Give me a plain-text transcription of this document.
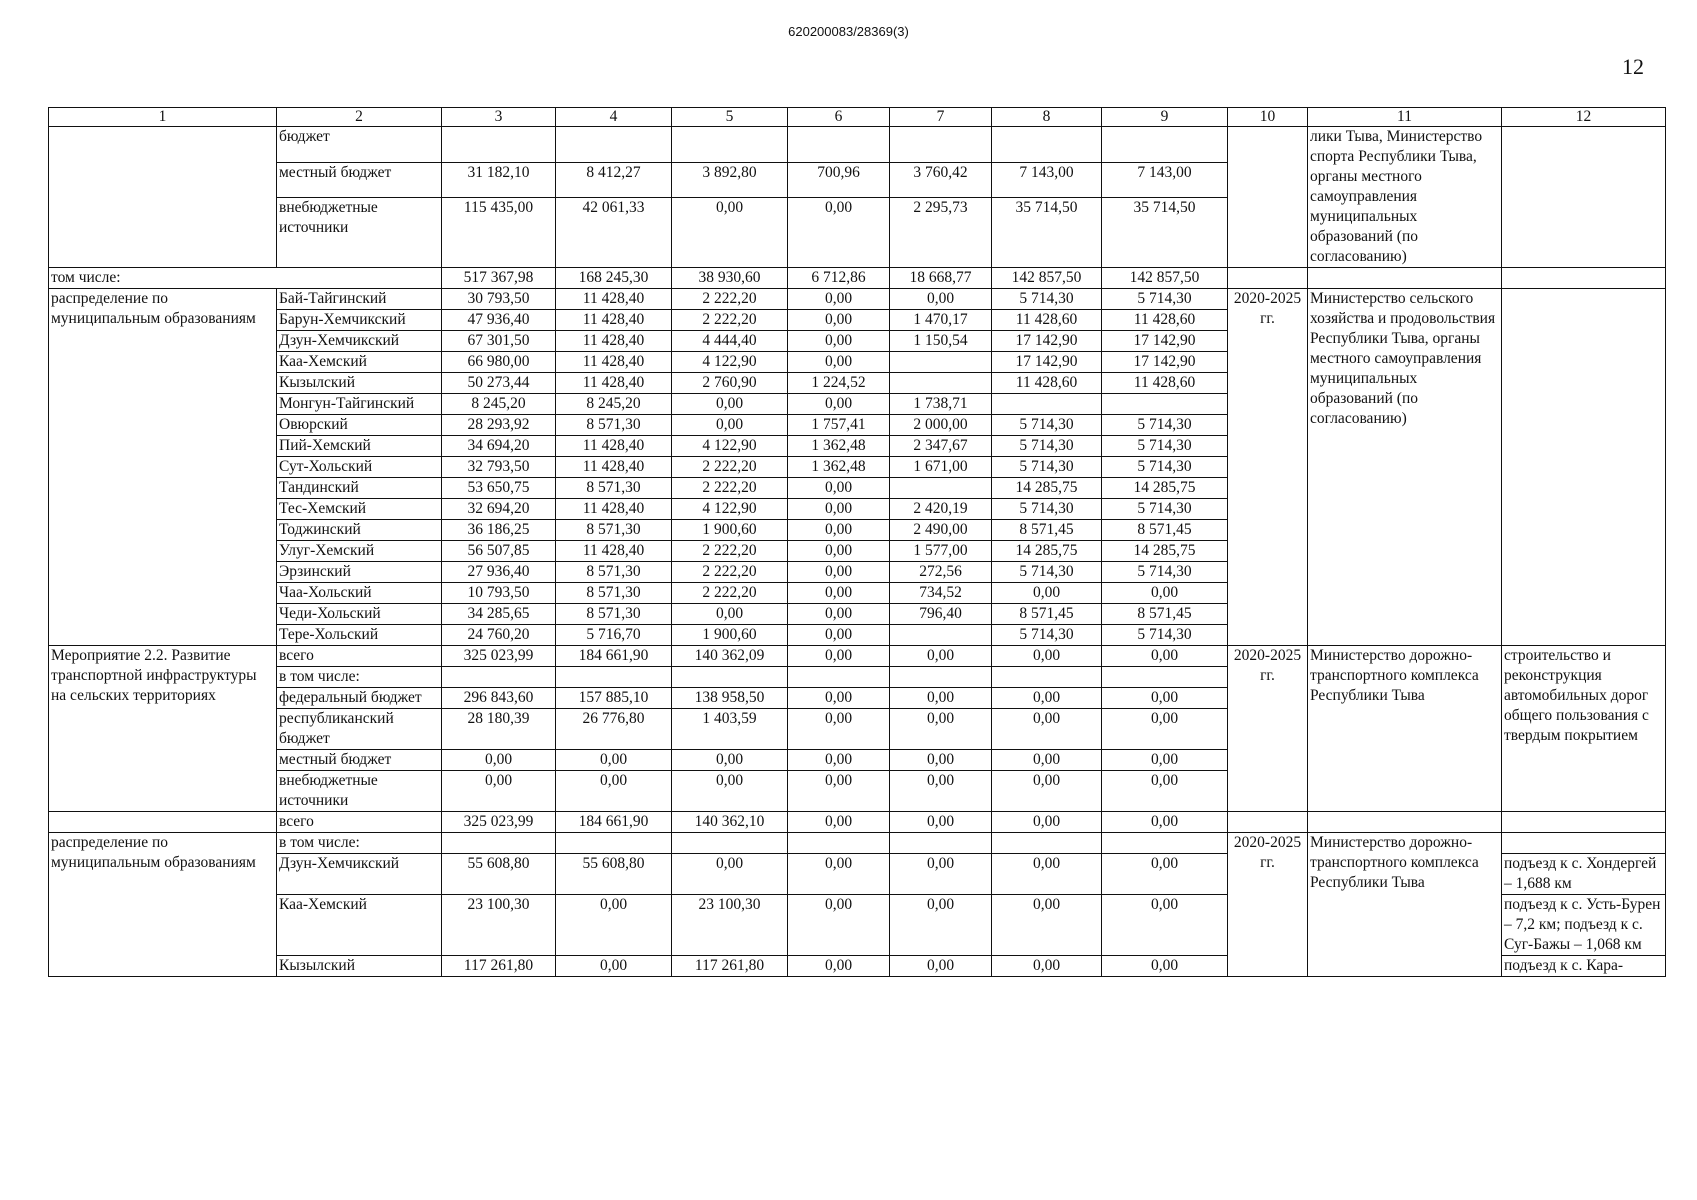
620200083/28369(3)
12
1	2	3	4	5	6	7	8	9	10	11	12
	бюджет									лики Тыва, Министерство спорта Республики Тыва, органы местного самоуправления муниципальных образований (по согласованию)	
	местный бюджет	31 182,10	8 412,27	3 892,80	700,96	3 760,42	7 143,00	7 143,00			
	внебюджетные источники	115 435,00	42 061,33	0,00	0,00	2 295,73	35 714,50	35 714,50			
том числе:		517 367,98	168 245,30	38 930,60	6 712,86	18 668,77	142 857,50	142 857,50			
распределение по муниципальным образованиям	Бай-Тайгинский	30 793,50	11 428,40	2 222,20	0,00	0,00	5 714,30	5 714,30	2020-2025 гг.	Министерство сельского хозяйства и продовольствия Республики Тыва, органы местного самоуправления муниципальных образований (по согласованию)	
	Барун-Хемчикский	47 936,40	11 428,40	2 222,20	0,00	1 470,17	11 428,60	11 428,60			
	Дзун-Хемчикский	67 301,50	11 428,40	4 444,40	0,00	1 150,54	17 142,90	17 142,90			
	Каа-Хемский	66 980,00	11 428,40	4 122,90	0,00		17 142,90	17 142,90			
	Кызылский	50 273,44	11 428,40	2 760,90	1 224,52		11 428,60	11 428,60			
	Монгун-Тайгинский	8 245,20	8 245,20	0,00	0,00	1 738,71					
	Овюрский	28 293,92	8 571,30	0,00	1 757,41	2 000,00	5 714,30	5 714,30			
	Пий-Хемский	34 694,20	11 428,40	4 122,90	1 362,48	2 347,67	5 714,30	5 714,30			
	Сут-Хольский	32 793,50	11 428,40	2 222,20	1 362,48	1 671,00	5 714,30	5 714,30			
	Тандинский	53 650,75	8 571,30	2 222,20	0,00		14 285,75	14 285,75			
	Тес-Хемский	32 694,20	11 428,40	4 122,90	0,00	2 420,19	5 714,30	5 714,30			
	Тоджинский	36 186,25	8 571,30	1 900,60	0,00	2 490,00	8 571,45	8 571,45			
	Улуг-Хемский	56 507,85	11 428,40	2 222,20	0,00	1 577,00	14 285,75	14 285,75			
	Эрзинский	27 936,40	8 571,30	2 222,20	0,00	272,56	5 714,30	5 714,30			
	Чаа-Хольский	10 793,50	8 571,30	2 222,20	0,00	734,52	0,00	0,00			
	Чеди-Хольский	34 285,65	8 571,30	0,00	0,00	796,40	8 571,45	8 571,45			
	Тере-Хольский	24 760,20	5 716,70	1 900,60	0,00		5 714,30	5 714,30			
Мероприятие 2.2. Развитие транспортной инфраструктуры на сельских территориях	всего	325 023,99	184 661,90	140 362,09	0,00	0,00	0,00	0,00	2020-2025 гг.	Министерство дорожно-транспортного комплекса Республики Тыва	строительство и реконструкция автомобильных дорог общего пользования с твердым покрытием
	в том числе:										
	федеральный бюджет	296 843,60	157 885,10	138 958,50	0,00	0,00	0,00	0,00			
	республиканский бюджет	28 180,39	26 776,80	1 403,59	0,00	0,00	0,00	0,00			
	местный бюджет	0,00	0,00	0,00	0,00	0,00	0,00	0,00			
	внебюджетные источники	0,00	0,00	0,00	0,00	0,00	0,00	0,00			
	всего	325 023,99	184 661,90	140 362,10	0,00	0,00	0,00	0,00			
распределение по муниципальным образованиям	в том числе:								2020-2025 гг.	Министерство дорожно-транспортного комплекса Республики Тыва	
	Дзун-Хемчикский	55 608,80	55 608,80	0,00	0,00	0,00	0,00	0,00			подъезд к с. Хондергей – 1,688 км
	Каа-Хемский	23 100,30	0,00	23 100,30	0,00	0,00	0,00	0,00			подъезд к с. Усть-Бурен – 7,2 км; подъезд к с. Суг-Бажы – 1,068 км
	Кызылский	117 261,80	0,00	117 261,80	0,00	0,00	0,00	0,00			подъезд к с. Кара-
